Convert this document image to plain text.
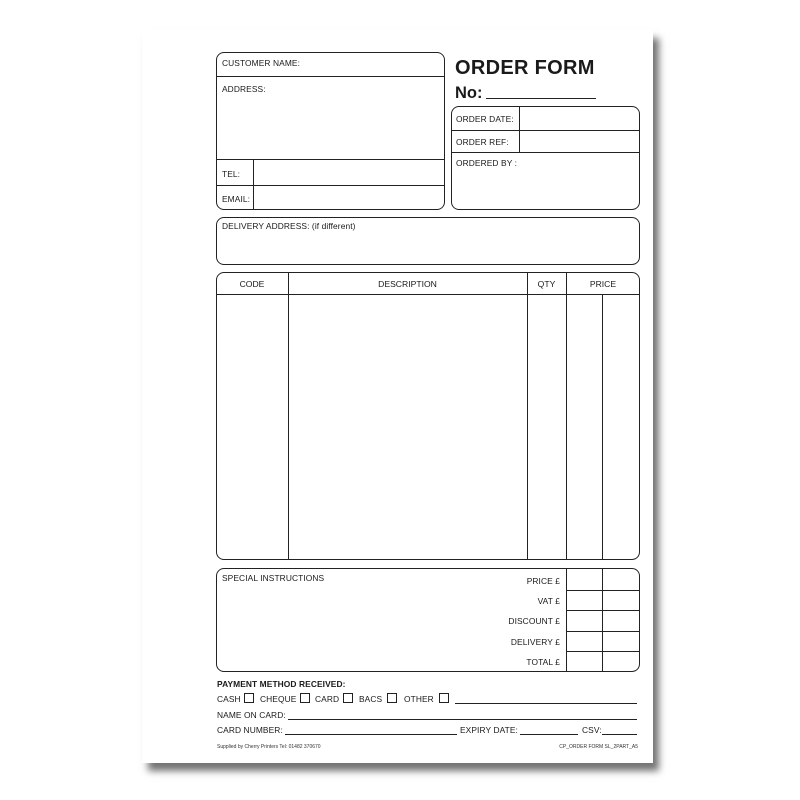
CUSTOMER NAME:
ADDRESS:
TEL:
EMAIL:
ORDER FORM
No:
ORDER DATE:
ORDER REF:
ORDERED BY :
DELIVERY ADDRESS: (if different)
CODE	DESCRIPTION	QTY	PRICE
SPECIAL INSTRUCTIONS	PRICE £
VAT £
DISCOUNT £
DELIVERY £
TOTAL £
PAYMENT METHOD RECEIVED:
CASH CHEQUE CARD BACS	OTHER
NAME ON CARD:
CARD NUMBER:	EXPIRY DATE:	CSV:
Supplied by Cherry Printers Tel: 01482 370670	CP_ORDER FORM SL_2PART_A5
